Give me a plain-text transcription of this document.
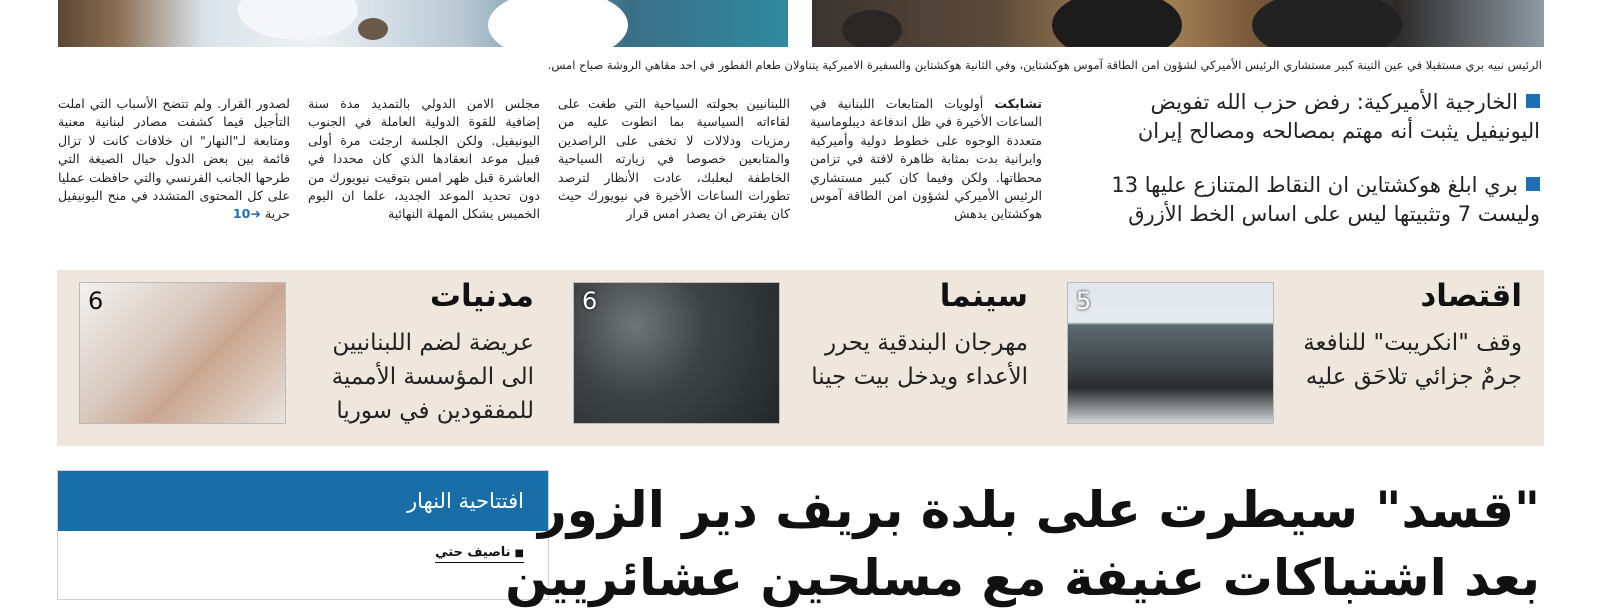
الرئيس نبيه بري مستقبلا في عين التينة كبير مستشاري الرئيس الأميركي لشؤون امن الطاقة آموس هوكشتاين، وفي الثانية هوكشتاين والسفيرة الاميركية يتناولان طعام الفطور في احد مقاهي الروشة صباح امس.
الخارجية الأميركية: رفض حزب الله تفويض اليونيفيل يثبت أنه مهتم بمصالحه ومصالح إيران
بري ابلغ هوكشتاين ان النقاط المتنازع عليها 13 وليست 7 وتثبيتها ليس على اساس الخط الأزرق
تشابكت أولويات المتابعات اللبنانية في الساعات الأخيرة في ظل اندفاعة ديبلوماسية متعددة الوجوه على خطوط دولية وأميركية وايرانية بدت بمثابة ظاهرة لافتة في تزامن محطاتها. ولكن وفيما كان كبير مستشاري الرئيس الأميركي لشؤون امن الطاقة آموس هوكشتاين يدهش
اللبنانيين بجولته السياحية التي طغت على لقاءاته السياسية بما انطوت عليه من رمزيات ودلالات لا تخفى على الراصدين والمتابعين خصوصا في زيارته السياحية الخاطفة لبعلبك، عادت الأنظار لترصد تطورات الساعات الأخيرة في نيويورك حيث كان يفترض ان يصدر امس قرار
مجلس الامن الدولي بالتمديد مدة سنة إضافية للقوة الدولية العاملة في الجنوب اليونيفيل. ولكن الجلسة ارجئت مرة أولى قبيل موعد انعقادها الذي كان محددا في العاشرة قبل ظهر امس بتوقيت نيويورك من دون تحديد الموعد الجديد، علما ان اليوم الخميس يشكل المهلة النهائية
لصدور القرار. ولم تتضح الأسباب التي املت التأجيل فيما كشفت مصادر لبنانية معنية ومتابعة لـ"النهار" ان خلافات كانت لا تزال قائمة بين بعض الدول حيال الصيغة التي طرحها الجانب الفرنسي والتي حافظت عمليا على كل المحتوى المتشدد في منح اليونيفيل حرية ➜10
اقتصاد
وقف "انكريبت" للنافعة جرمٌ جزائي تلاحَق عليه
5
سينما
مهرجان البندقية يحرر الأعداء ويدخل بيت جينا
6
مدنيات
عريضة لضم اللبنانيين الى المؤسسة الأممية للمفقودين في سوريا
6
افتتاحية النهار
■ ناصيف حتي
"قسد" سيطرت على بلدة بريف دير الزور
بعد اشتباكات عنيفة مع مسلحين عشائريين
